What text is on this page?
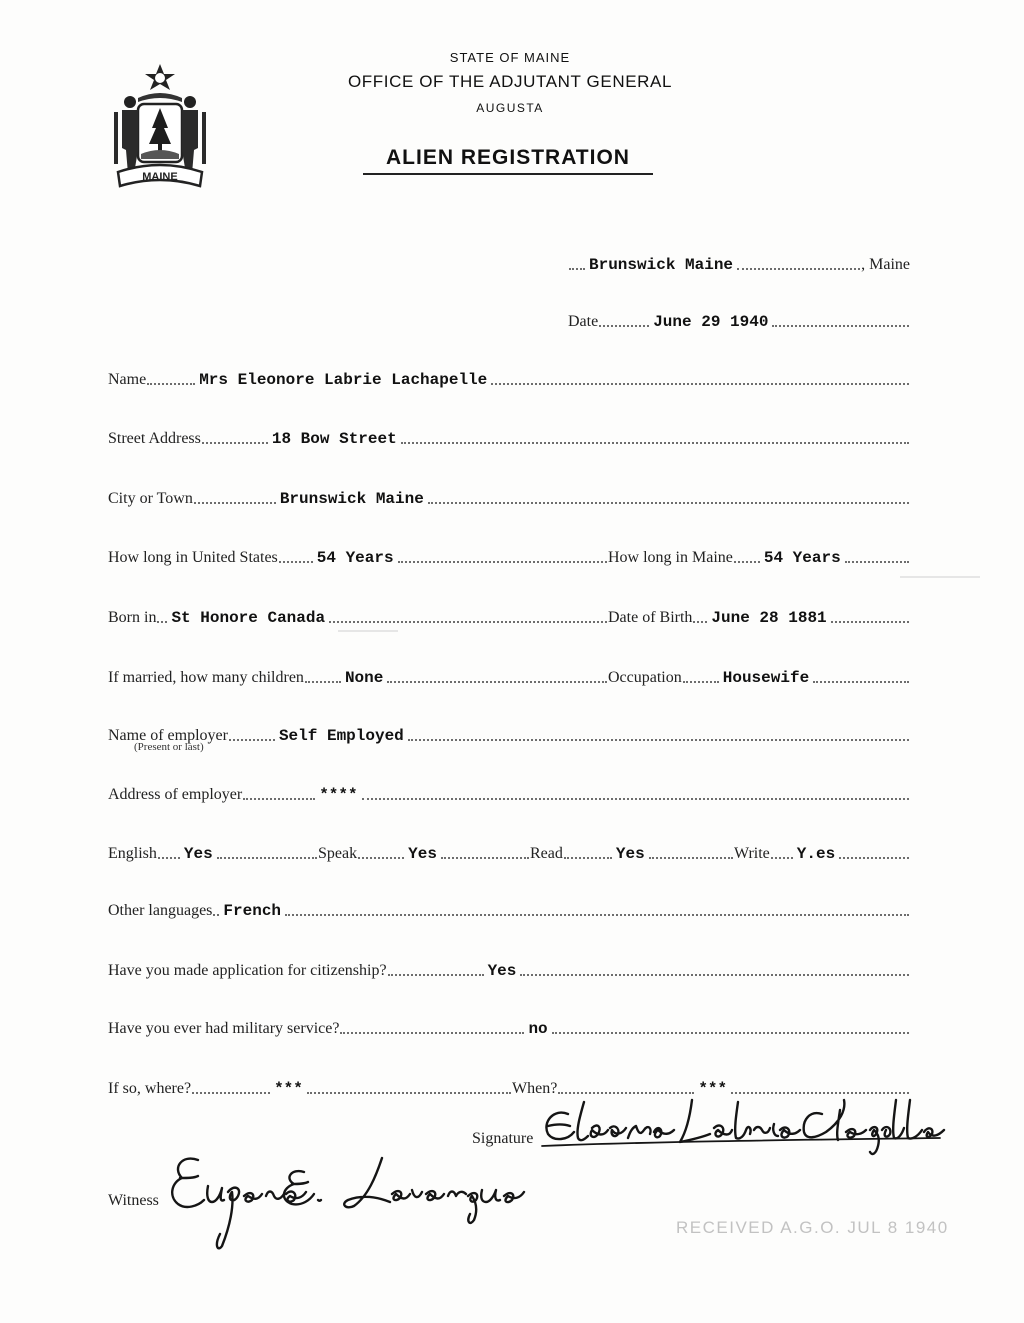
MAINE
STATE OF MAINE
OFFICE OF THE ADJUTANT GENERAL
AUGUSTA
ALIEN REGISTRATION
Brunswick Maine	, Maine
Date	June 29 1940
Name	Mrs Eleonore Labrie Lachapelle
Street Address	18 Bow Street
City or Town	Brunswick Maine
How long in United States 54 Years	How long in Maine 54 Years
Born in St Honore Canada	Date of Birth June 28 1881
If married, how many children	None	Occupation	Housewife
Name of employer	Self Employed
(Present or last)
Address of employer	****
English Yes	Speak	Yes	Read	Yes	Write Y.es
Other languages French
Have you made application for citizenship?	Yes
Have you ever had military service?	no
If so, where?	***	When?	***
Signature
Witness
RECEIVED A.G.O. JUL 8 1940
